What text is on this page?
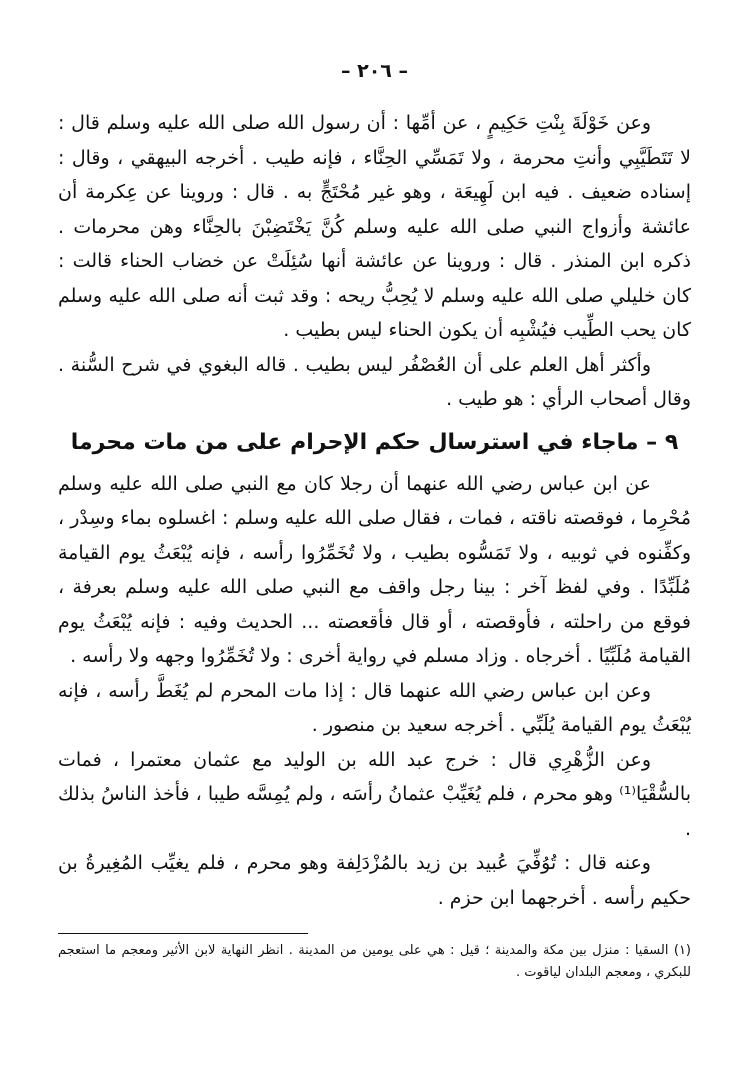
– ٢٠٦ –

وعن خَوْلَةَ بِنْتِ حَكِيمٍ ، عن أمِّها : أن رسول الله صلى الله عليه وسلم قال : لا تَتَطَيَّبِي وأنتِ محرمة ، ولا تَمَسِّي الحِنَّاء ، فإنه طيب . أخرجه البيهقي ، وقال : إسناده ضعيف . فيه ابن لَهِيعَة ، وهو غير مُحْتَجٍّ به . قال : وروينا عن عِكرمة أن عائشة وأزواج النبي صلى الله عليه وسلم كُنَّ يَخْتَضِبْنَ بالحِنَّاء وهن محرمات . ذكره ابن المنذر . قال : وروينا عن عائشة أنها سُئِلَتْ عن خضاب الحناء قالت : كان خليلي صلى الله عليه وسلم لا يُحِبُّ ريحه : وقد ثبت أنه صلى الله عليه وسلم كان يحب الطِّيب فيُشْبِه أن يكون الحناء ليس بطيب .

وأكثر أهل العلم على أن العُصْفُر ليس بطيب . قاله البغوي في شرح السُّنة . وقال أصحاب الرأي : هو طيب .

٩ – ماجاء في استرسال حكم الإحرام على من مات محرما

عن ابن عباس رضي الله عنهما أن رجلا كان مع النبي صلى الله عليه وسلم مُحْرِما ، فوقصته ناقته ، فمات ، فقال صلى الله عليه وسلم : اغسلوه بماء وسِدْر ، وكفِّنوه في ثوبيه ، ولا تَمَسُّوه بطيب ، ولا تُخَمِّرُوا رأسه ، فإنه يُبْعَثُ يوم القيامة مُلَبِّدًا . وفي لفظ آخر : بينا رجل واقف مع النبي صلى الله عليه وسلم بعرفة ، فوقع من راحلته ، فأوقصته ، أو قال فأقعصته ... الحديث وفيه : فإنه يُبْعَثُ يوم القيامة مُلَبِّيًا . أخرجاه . وزاد مسلم في رواية أخرى : ولا تُخَمِّرُوا وجهه ولا رأسه .

وعن ابن عباس رضي الله عنهما قال : إذا مات المحرم لم يُغَطَّ رأسه ، فإنه يُبْعَثُ يوم القيامة يُلَبِّي . أخرجه سعيد بن منصور .

وعن الزُّهْرِي قال : خرج عبد الله بن الوليد مع عثمان معتمرا ، فمات بالسُّقْيَا⁽¹⁾ وهو محرم ، فلم يُغَيِّبْ عثمانُ رأسَه ، ولم يُمِسَّه طيبا ، فأخذ الناسُ بذلك .

وعنه قال : تُوُفِّيَ عُبيد بن زيد بالمُزْدَلِفة وهو محرم ، فلم يغيِّب المُغِيرةُ بن حكيم رأسه . أخرجهما ابن حزم .

(١) السقيا : منزل بين مكة والمدينة ؛ قيل : هي على يومين من المدينة . انظر النهاية لابن الأثير ومعجم ما استعجم للبكري ، ومعجم البلدان لياقوت .
